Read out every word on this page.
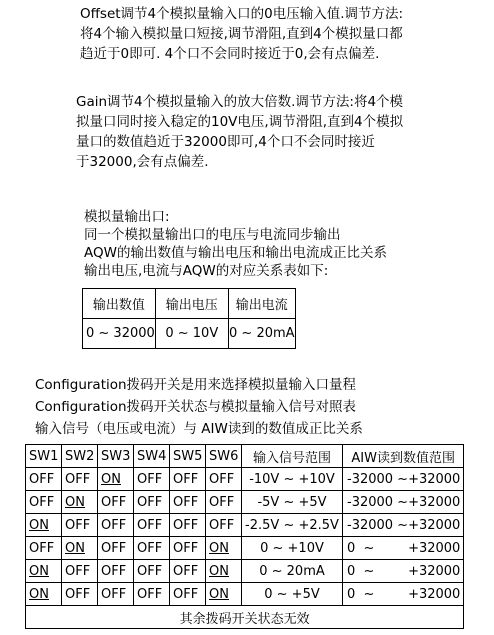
Offset调节4个模拟量输入口的0电压输入值.调节方法:
将4个输入模拟量口短接,调节滑阻,直到4个模拟量口都
趋近于0即可. 4个口不会同时接近于0,会有点偏差.
Gain调节4个模拟量输入的放大倍数.调节方法:将4个模
拟量口同时接入稳定的10V电压,调节滑阻,直到4个模拟
量口的数值趋近于32000即可,4个口不会同时接近
于32000,会有点偏差.
模拟量输出口:
同一个模拟量输出口的电压与电流同步输出
AQW的输出数值与输出电压和输出电流成正比关系
输出电压,电流与AQW的对应关系表如下:
输出数值	输出电压	输出电流
0 ~ 32000	0 ~ 10V	0 ~ 20mA
Configuration拨码开关是用来选择模拟量输入口量程
Configuration拨码开关状态与模拟量输入信号对照表
输入信号（电压或电流）与 AIW读到的数值成正比关系
SW1	SW2	SW3	SW4	SW5	SW6	输入信号范围	AIW读到数值范围
OFF	OFF	ON	OFF	OFF	OFF	-10V ~ +10V	-32000 ~ +32000

OFF	ON	OFF	OFF	OFF	OFF	-5V ~ +5V	-32000 ~ +32000

ON	OFF	OFF	OFF	OFF	OFF	-2.5V ~ +2.5V	-32000 ~ +32000

OFF	ON	OFF	OFF	OFF	ON	0 ~ +10V	0  ~ +32000

ON	OFF	OFF	OFF	OFF	ON	0 ~ 20mA	0  ~ +32000

ON	OFF	OFF	OFF	OFF	ON	0 ~ +5V	0  ~ +32000

其余拨码开关状态无效							
